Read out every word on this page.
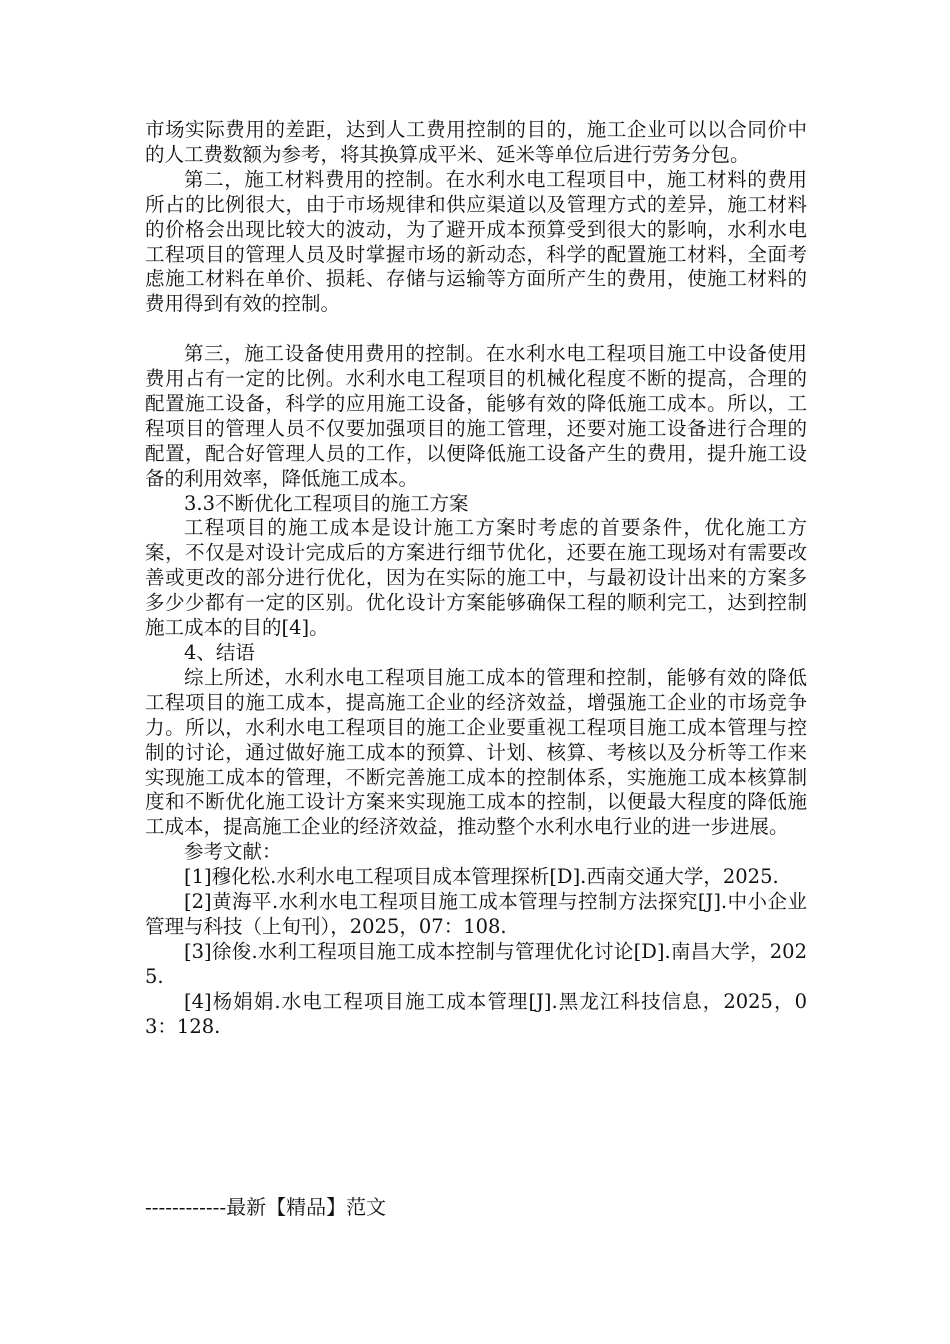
市场实际费用的差距，达到人工费用控制的目的，施工企业可以以合同价中的人工费数额为参考，将其换算成平米、延米等单位后进行劳务分包。

第二，施工材料费用的控制。在水利水电工程项目中，施工材料的费用所占的比例很大，由于市场规律和供应渠道以及管理方式的差异，施工材料的价格会出现比较大的波动，为了避开成本预算受到很大的影响，水利水电工程项目的管理人员及时掌握市场的新动态，科学的配置施工材料，全面考虑施工材料在单价、损耗、存储与运输等方面所产生的费用，使施工材料的费用得到有效的控制。

第三，施工设备使用费用的控制。在水利水电工程项目施工中设备使用费用占有一定的比例。水利水电工程项目的机械化程度不断的提高，合理的配置施工设备，科学的应用施工设备，能够有效的降低施工成本。所以，工程项目的管理人员不仅要加强项目的施工管理，还要对施工设备进行合理的配置，配合好管理人员的工作，以便降低施工设备产生的费用，提升施工设备的利用效率，降低施工成本。

3.3不断优化工程项目的施工方案

工程项目的施工成本是设计施工方案时考虑的首要条件，优化施工方案，不仅是对设计完成后的方案进行细节优化，还要在施工现场对有需要改善或更改的部分进行优化，因为在实际的施工中，与最初设计出来的方案多多少少都有一定的区别。优化设计方案能够确保工程的顺利完工，达到控制施工成本的目的[4]。

4、结语

综上所述，水利水电工程项目施工成本的管理和控制，能够有效的降低工程项目的施工成本，提高施工企业的经济效益，增强施工企业的市场竞争力。所以，水利水电工程项目的施工企业要重视工程项目施工成本管理与控制的讨论，通过做好施工成本的预算、计划、核算、考核以及分析等工作来实现施工成本的管理，不断完善施工成本的控制体系，实施施工成本核算制度和不断优化施工设计方案来实现施工成本的控制，以便最大程度的降低施工成本，提高施工企业的经济效益，推动整个水利水电行业的进一步进展。

参考文献：

[1]穆化松.水利水电工程项目成本管理探析[D].西南交通大学，2025.

[2]黄海平.水利水电工程项目施工成本管理与控制方法探究[J].中小企业管理与科技（上旬刊），2025，07：108.

[3]徐俊.水利工程项目施工成本控制与管理优化讨论[D].南昌大学，2025.

[4]杨娟娟.水电工程项目施工成本管理[J].黑龙江科技信息，2025，03：128.

------------最新【精品】范文
